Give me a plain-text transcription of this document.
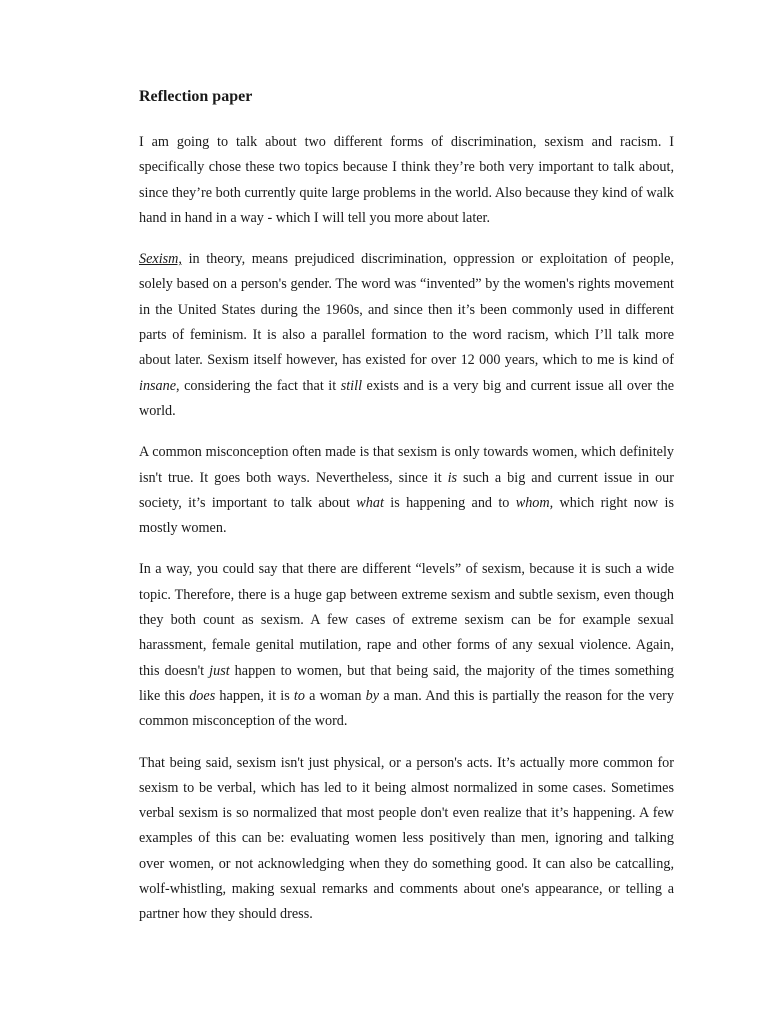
Reflection paper

I am going to talk about two different forms of discrimination, sexism and racism. I specifically chose these two topics because I think they’re both very important to talk about, since they’re both currently quite large problems in the world. Also because they kind of walk hand in hand in a way - which I will tell you more about later.

Sexism, in theory, means prejudiced discrimination, oppression or exploitation of people, solely based on a person's gender. The word was “invented” by the women's rights movement in the United States during the 1960s, and since then it’s been commonly used in different parts of feminism. It is also a parallel formation to the word racism, which I’ll talk more about later. Sexism itself however, has existed for over 12 000 years, which to me is kind of insane, considering the fact that it still exists and is a very big and current issue all over the world.

A common misconception often made is that sexism is only towards women, which definitely isn't true. It goes both ways. Nevertheless, since it is such a big and current issue in our society, it’s important to talk about what is happening and to whom, which right now is mostly women.

In a way, you could say that there are different “levels” of sexism, because it is such a wide topic. Therefore, there is a huge gap between extreme sexism and subtle sexism, even though they both count as sexism. A few cases of extreme sexism can be for example sexual harassment, female genital mutilation, rape and other forms of any sexual violence. Again, this doesn't just happen to women, but that being said, the majority of the times something like this does happen, it is to a woman by a man. And this is partially the reason for the very common misconception of the word.

That being said, sexism isn't just physical, or a person's acts. It’s actually more common for sexism to be verbal, which has led to it being almost normalized in some cases. Sometimes verbal sexism is so normalized that most people don't even realize that it’s happening. A few examples of this can be: evaluating women less positively than men, ignoring and talking over women, or not acknowledging when they do something good. It can also be catcalling, wolf-whistling, making sexual remarks and comments about one's appearance, or telling a partner how they should dress.
